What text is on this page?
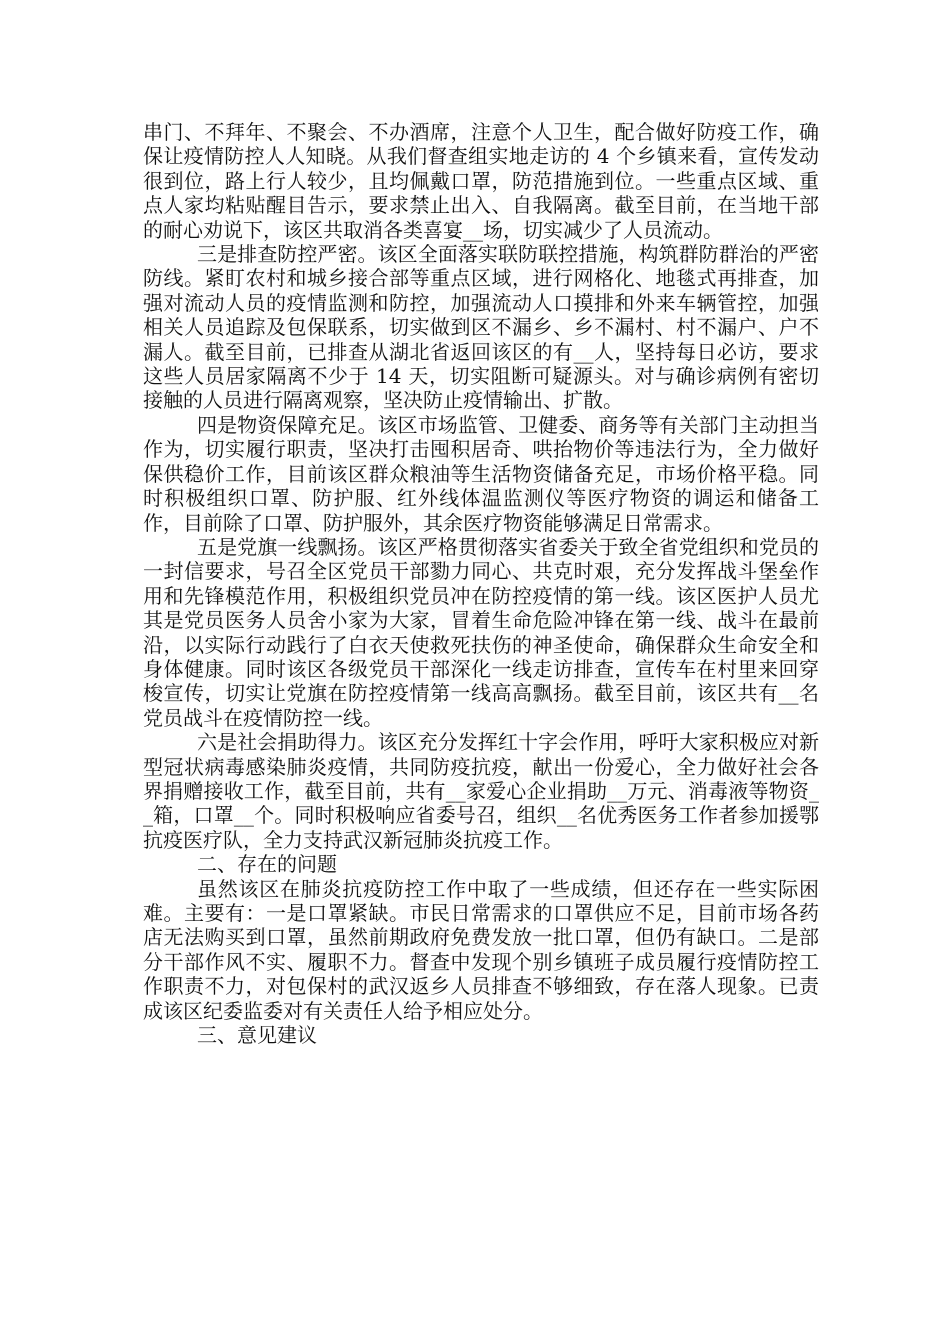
串门、不拜年、不聚会、不办酒席，注意个人卫生，配合做好防疫工作，确保让疫情防控人人知晓。从我们督查组实地走访的 4 个乡镇来看，宣传发动很到位，路上行人较少，且均佩戴口罩，防范措施到位。一些重点区域、重点人家均粘贴醒目告示，要求禁止出入、自我隔离。截至目前，在当地干部的耐心劝说下，该区共取消各类喜宴__场，切实减少了人员流动。

三是排查防控严密。该区全面落实联防联控措施，构筑群防群治的严密防线。紧盯农村和城乡接合部等重点区域，进行网格化、地毯式再排查，加强对流动人员的疫情监测和防控，加强流动人口摸排和外来车辆管控，加强相关人员追踪及包保联系，切实做到区不漏乡、乡不漏村、村不漏户、户不漏人。截至目前，已排查从湖北省返回该区的有__人，坚持每日必访，要求这些人员居家隔离不少于 14 天，切实阻断可疑源头。对与确诊病例有密切接触的人员进行隔离观察，坚决防止疫情输出、扩散。

四是物资保障充足。该区市场监管、卫健委、商务等有关部门主动担当作为，切实履行职责，坚决打击囤积居奇、哄抬物价等违法行为，全力做好保供稳价工作，目前该区群众粮油等生活物资储备充足，市场价格平稳。同时积极组织口罩、防护服、红外线体温监测仪等医疗物资的调运和储备工作，目前除了口罩、防护服外，其余医疗物资能够满足日常需求。

五是党旗一线飘扬。该区严格贯彻落实省委关于致全省党组织和党员的一封信要求，号召全区党员干部勠力同心、共克时艰，充分发挥战斗堡垒作用和先锋模范作用，积极组织党员冲在防控疫情的第一线。该区医护人员尤其是党员医务人员舍小家为大家，冒着生命危险冲锋在第一线、战斗在最前沿，以实际行动践行了白衣天使救死扶伤的神圣使命，确保群众生命安全和身体健康。同时该区各级党员干部深化一线走访排查，宣传车在村里来回穿梭宣传，切实让党旗在防控疫情第一线高高飘扬。截至目前，该区共有__名党员战斗在疫情防控一线。

六是社会捐助得力。该区充分发挥红十字会作用，呼吁大家积极应对新型冠状病毒感染肺炎疫情，共同防疫抗疫，献出一份爱心，全力做好社会各界捐赠接收工作，截至目前，共有__家爱心企业捐助__万元、消毒液等物资__箱，口罩__个。同时积极响应省委号召，组织__名优秀医务工作者参加援鄂抗疫医疗队，全力支持武汉新冠肺炎抗疫工作。

二、存在的问题

虽然该区在肺炎抗疫防控工作中取了一些成绩，但还存在一些实际困难。主要有：一是口罩紧缺。市民日常需求的口罩供应不足，目前市场各药店无法购买到口罩，虽然前期政府免费发放一批口罩，但仍有缺口。二是部分干部作风不实、履职不力。督查中发现个别乡镇班子成员履行疫情防控工作职责不力，对包保村的武汉返乡人员排查不够细致，存在落人现象。已责成该区纪委监委对有关责任人给予相应处分。

三、意见建议
